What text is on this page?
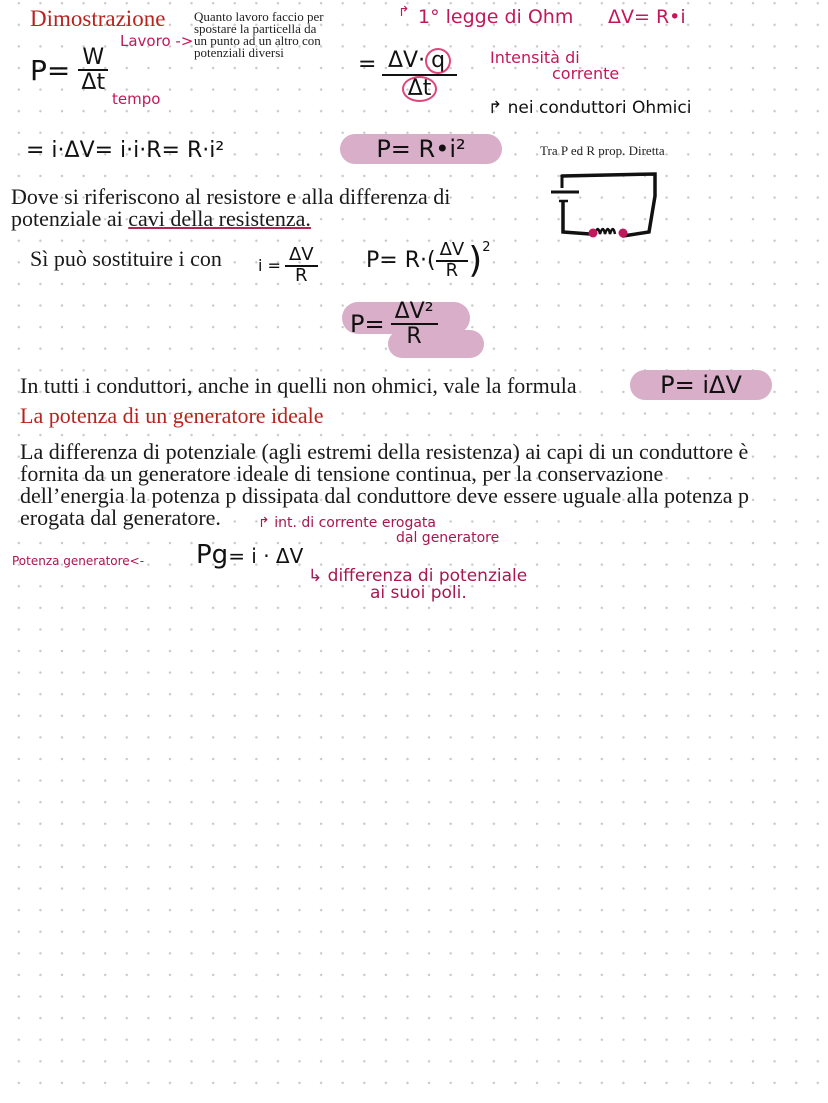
Dimostrazione Quanto lavoro faccio per
spostare la particella da
un punto ad un altro con
potenziali diversi
Lavoro ->
$P= \frac{W}{\Delta t}$
tempo
↱ 1° legge di Ohm ΔV= R•i
= $\frac{\Delta V\cdot q}{\Delta t}$ Intensità di
corrente
↱ nei conduttori Ohmici
= i·ΔV= i·i·R= R·i²	P= R•i²	Tra P ed R prop. Diretta
Dove si riferiscono al resistore e alla differenza di
potenziale ai cavi della resistenza.
Sì può sostituire i con $i = \frac{\Delta V}{R} P= R\cdot( \frac{\Delta V}{R} )^2$
$P= \frac{\text{ΔV²}}{R}$
In tutti i conduttori, anche in quelli non ohmici, vale la formula	P= iΔV
La potenza di un generatore ideale
La differenza di potenziale (agli estremi della resistenza) ai capi di un conduttore è
fornita da un generatore ideale di tensione continua, per la conservazione
dell’energia la potenza p dissipata dal conduttore deve essere uguale alla potenza p
erogata dal generatore.	↱ int. di corrente erogata
dal generatore
Potenza generatore<- Pg= i · ΔV
↳ differenza di potenziale
ai suoi poli.
